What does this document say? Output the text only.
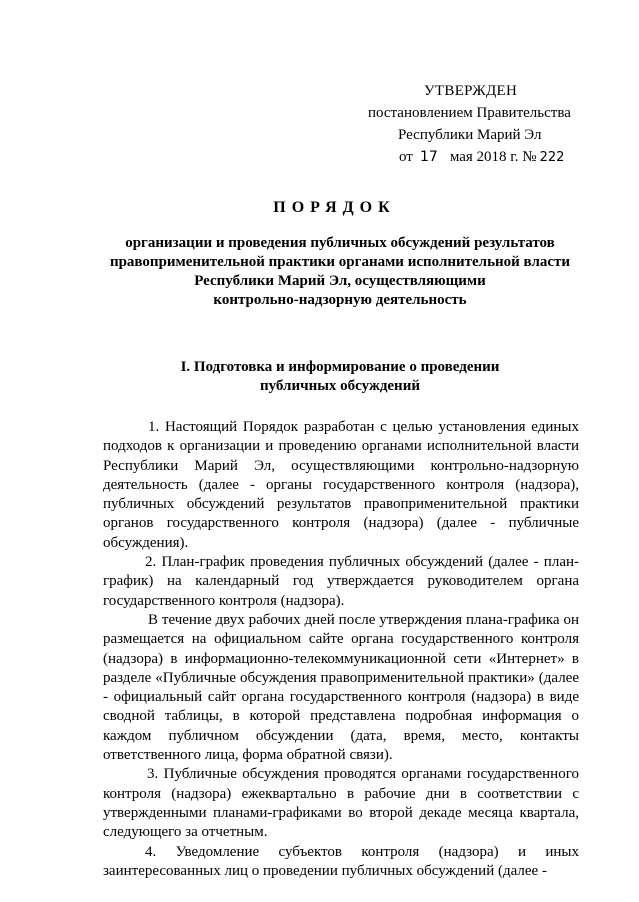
УТВЕРЖДЕН
постановлением Правительства
Республики Марий Эл
от 17 мая 2018 г. № 222
ПОРЯДОК
организации и проведения публичных обсуждений результатов
правоприменительной практики органами исполнительной власти
Республики Марий Эл, осуществляющими
контрольно-надзорную деятельность
I. Подготовка и информирование о проведении
публичных обсуждений

1. Настоящий Порядок разработан с целью установления единых подходов к организации и проведению органами исполнительной власти Республики Марий Эл, осуществляющими контрольно-надзорную деятельность (далее - органы государственного контроля (надзора), публичных обсуждений результатов правоприменительной практики органов государственного контроля (надзора) (далее - публичные обсуждения).

2. План-график проведения публичных обсуждений (далее - план-график) на календарный год утверждается руководителем органа государственного контроля (надзора).

В течение двух рабочих дней после утверждения плана-графика он размещается на официальном сайте органа государственного контроля (надзора) в информационно-телекоммуникационной сети «Интернет» в разделе «Публичные обсуждения правоприменительной практики» (далее - официальный сайт органа государственного контроля (надзора) в виде сводной таблицы, в которой представлена подробная информация о каждом публичном обсуждении (дата, время, место, контакты ответственного лица, форма обратной связи).

3. Публичные обсуждения проводятся органами государственного контроля (надзора) ежеквартально в рабочие дни в соответствии с утвержденными планами-графиками во второй декаде месяца квартала, следующего за отчетным.

4. Уведомление субъектов контроля (надзора) и иных заинтересованных лиц о проведении публичных обсуждений (далее -
